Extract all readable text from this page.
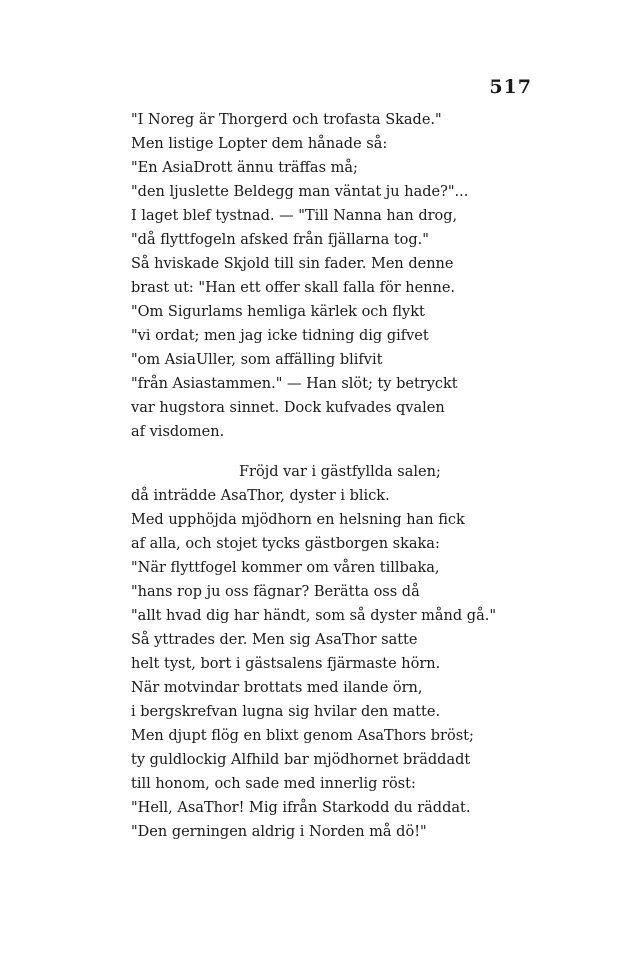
517
"I Noreg är Thorgerd och trofasta Skade."
Men listige Lopter dem hånade så:
"En AsiaDrott ännu träffas må;
"den ljuslette Beldegg man väntat ju hade?"...
I laget blef tystnad. — "Till Nanna han drog,
"då flyttfogeln afsked från fjällarna tog."
Så hviskade Skjold till sin fader. Men denne
brast ut: "Han ett offer skall falla för henne.
"Om Sigurlams hemliga kärlek och flykt
"vi ordat; men jag icke tidning dig gifvet
"om AsiaUller, som affälling blifvit
"från Asiastammen." — Han slöt; ty betryckt
var hugstora sinnet. Dock kufvades qvalen
af visdomen.
Fröjd var i gästfyllda salen;
då inträdde AsaThor, dyster i blick.
Med upphöjda mjödhorn en helsning han fick
af alla, och stojet tycks gästborgen skaka:
"När flyttfogel kommer om våren tillbaka,
"hans rop ju oss fägnar? Berätta oss då
"allt hvad dig har händt, som så dyster månd gå."
Så yttrades der. Men sig AsaThor satte
helt tyst, bort i gästsalens fjärmaste hörn.
När motvindar brottats med ilande örn,
i bergskrefvan lugna sig hvilar den matte.
Men djupt flög en blixt genom AsaThors bröst;
ty guldlockig Alfhild bar mjödhornet bräddadt
till honom, och sade med innerlig röst:
"Hell, AsaThor! Mig ifrån Starkodd du räddat.
"Den gerningen aldrig i Norden må dö!"
